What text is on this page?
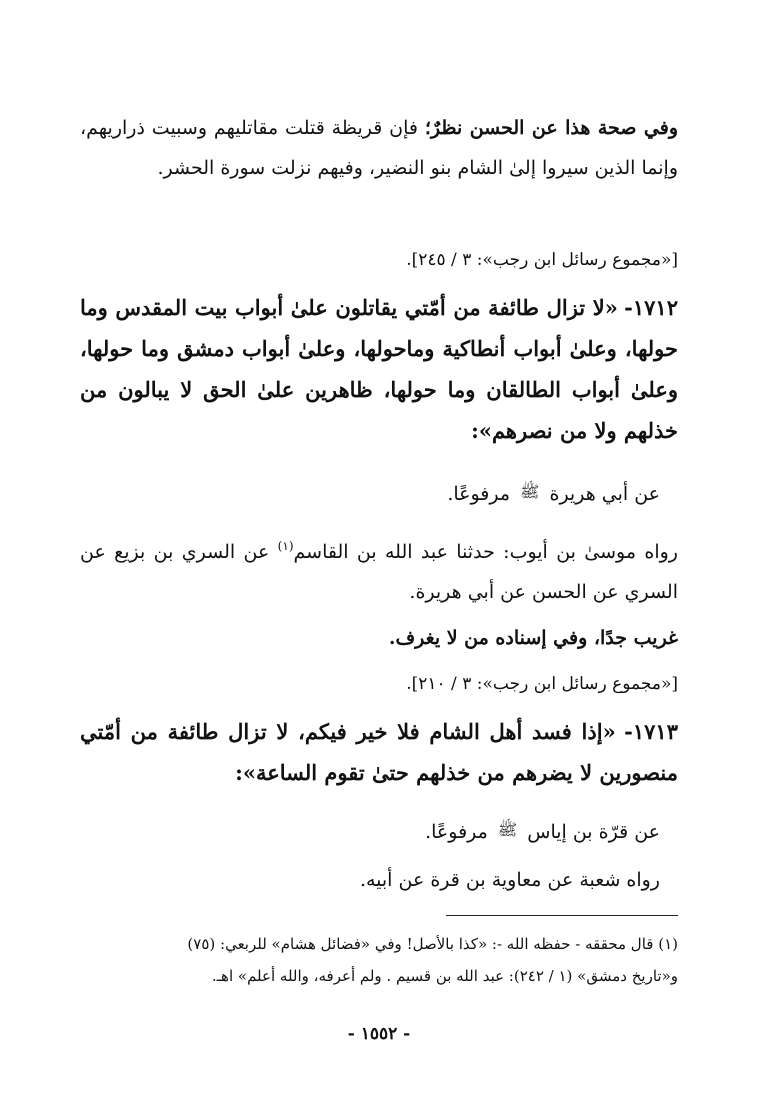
وفي صحة هذا عن الحسن نظرٌ؛ فإن قريظة قتلت مقاتليهم وسبيت ذراريهم، وإنما الذين سيروا إلىٰ الشام بنو النضير، وفيهم نزلت سورة الحشر.
[«مجموع رسائل ابن رجب»: ٣ / ٢٤٥].
١٧١٢- «لا تزال طائفة من أمّتي يقاتلون علىٰ أبواب بيت المقدس وما حولها، وعلىٰ أبواب أنطاكية وماحولها، وعلىٰ أبواب دمشق وما حولها، وعلىٰ أبواب الطالقان وما حولها، ظاهرين علىٰ الحق لا يبالون من خذلهم ولا من نصرهم»:
عن أبي هريرة ﷺ مرفوعًا.
رواه موسىٰ بن أيوب: حدثنا عبد الله بن القاسم$^{(١)}$ عن السري بن بزيع عن السري عن الحسن عن أبي هريرة.
غريب جدًا، وفي إسناده من لا يغرف.
[«مجموع رسائل ابن رجب»: ٣ / ٢١٠].
١٧١٣- «إذا فسد أهل الشام فلا خير فيكم، لا تزال طائفة من أمّتي منصورين لا يضرهم من خذلهم حتىٰ تقوم الساعة»:
عن قرّة بن إياس ﷺ مرفوعًا.
رواه شعبة عن معاوية بن قرة عن أبيه.
(١) قال محققه - حفظه الله -: «كذا بالأصل! وفي «فضائل هشام» للربعي: (٧٥)
و«تاريخ دمشق» (١ / ٢٤٢): عبد الله بن قسيم . ولم أعرفه، والله أعلم» اهـ.
- ١٥٥٢ -
